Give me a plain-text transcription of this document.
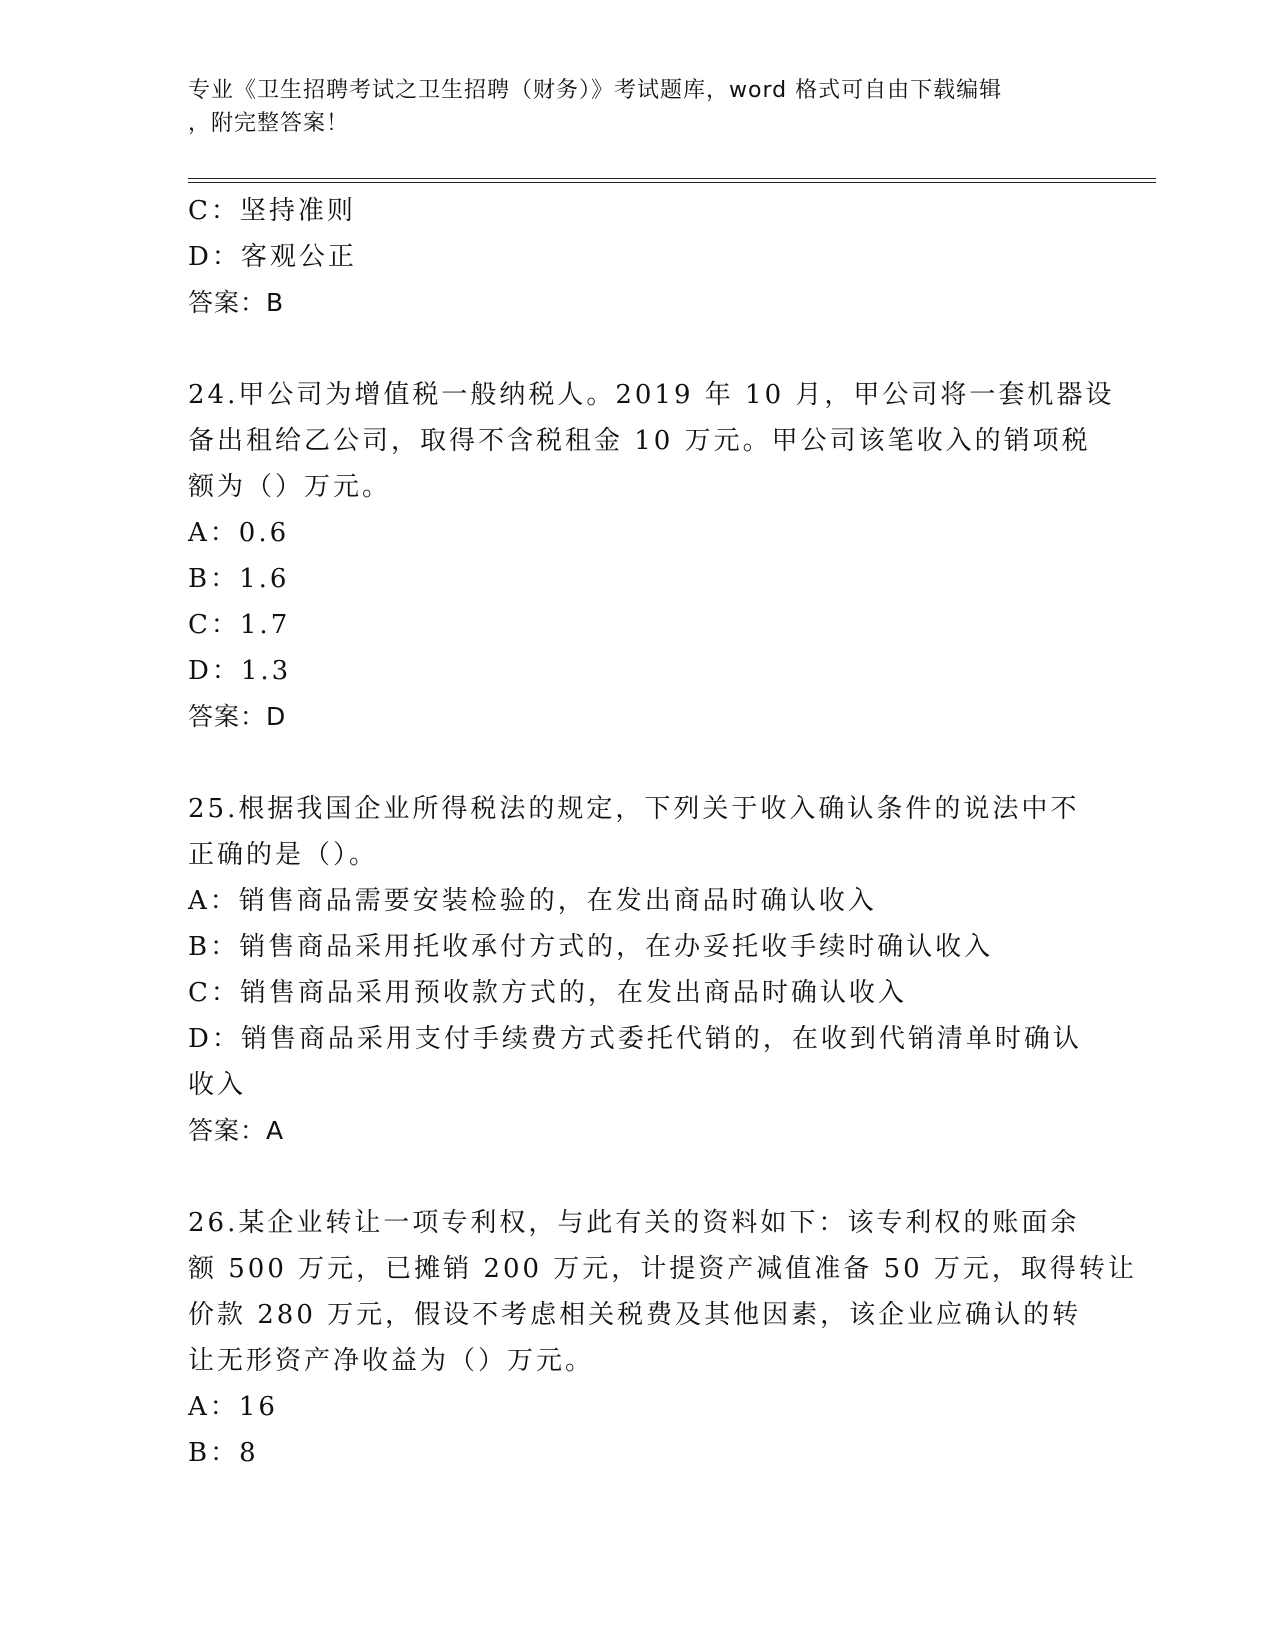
专业《卫生招聘考试之卫生招聘（财务）》考试题库，word 格式可自由下载编辑
，附完整答案！
C：坚持准则
D：客观公正
答案：B
24.甲公司为增值税一般纳税人。2019 年 10 月，甲公司将一套机器设
备出租给乙公司，取得不含税租金 10 万元。甲公司该笔收入的销项税
额为（）万元。
A：0.6
B：1.6
C：1.7
D：1.3
答案：D
25.根据我国企业所得税法的规定，下列关于收入确认条件的说法中不
正确的是（）。
A：销售商品需要安装检验的，在发出商品时确认收入
B：销售商品采用托收承付方式的，在办妥托收手续时确认收入
C：销售商品采用预收款方式的，在发出商品时确认收入
D：销售商品采用支付手续费方式委托代销的，在收到代销清单时确认
收入
答案：A
26.某企业转让一项专利权，与此有关的资料如下：该专利权的账面余
额 500 万元，已摊销 200 万元，计提资产减值准备 50 万元，取得转让
价款 280 万元，假设不考虑相关税费及其他因素，该企业应确认的转
让无形资产净收益为（）万元。
A：16
B：8
